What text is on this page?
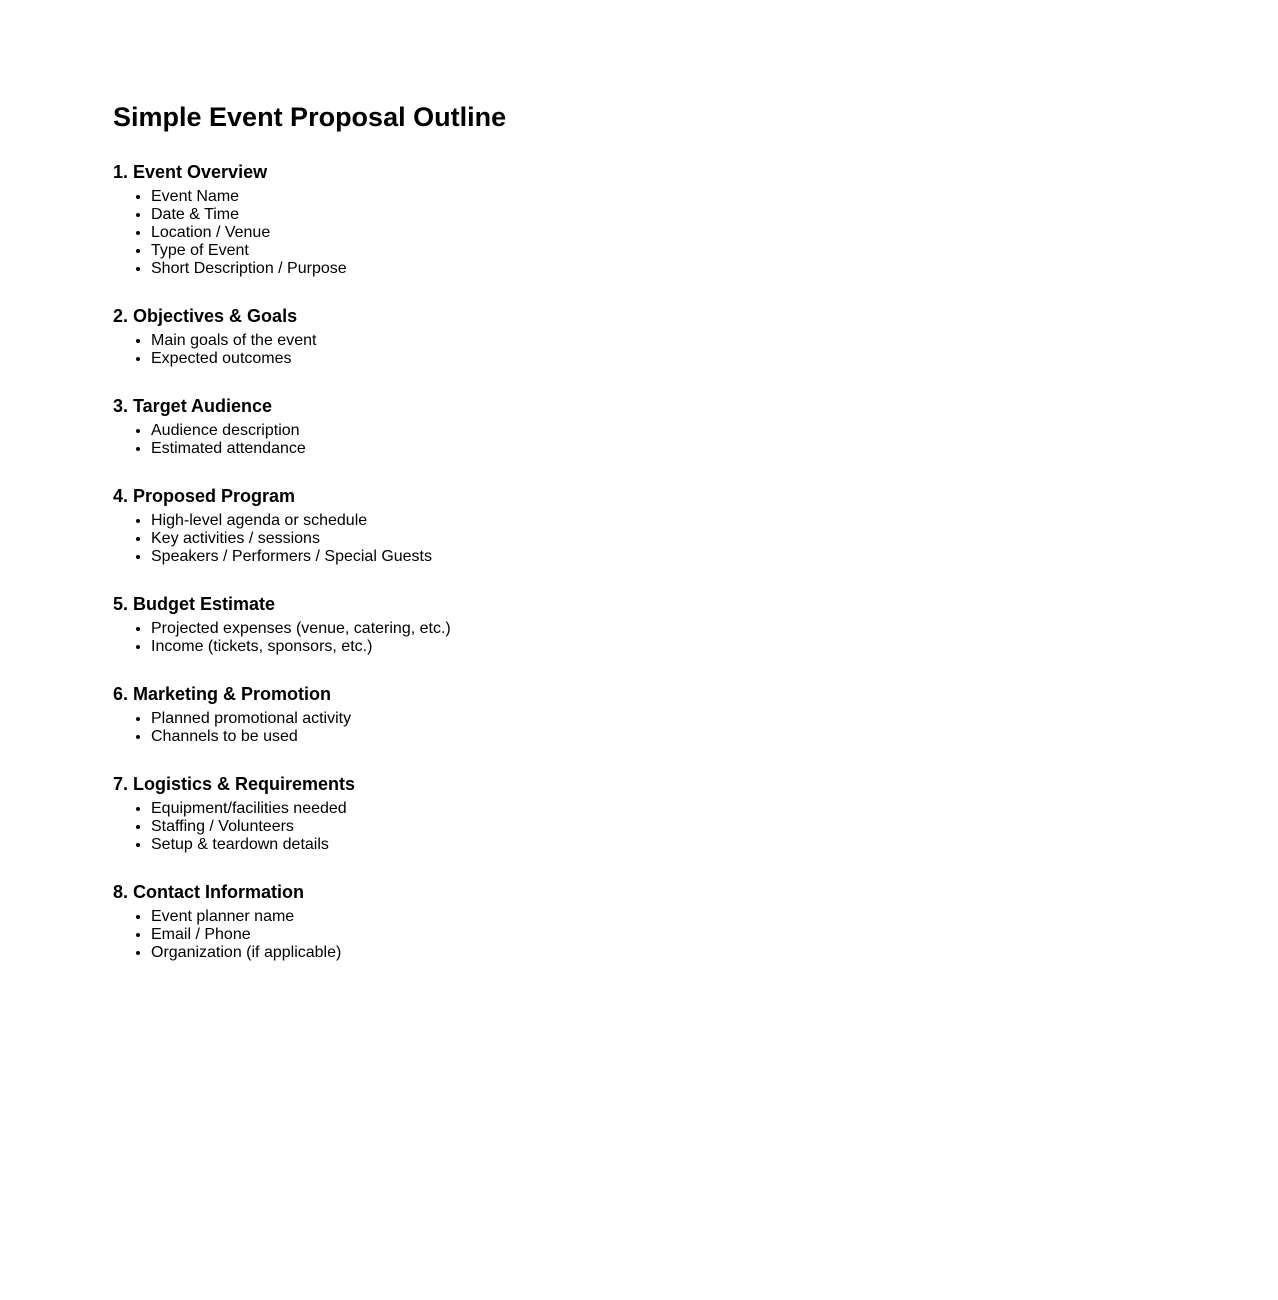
Simple Event Proposal Outline
1. Event Overview
• Event Name
• Date & Time
• Location / Venue
• Type of Event
• Short Description / Purpose
2. Objectives & Goals
• Main goals of the event
• Expected outcomes
3. Target Audience
• Audience description
• Estimated attendance
4. Proposed Program
• High-level agenda or schedule
• Key activities / sessions
• Speakers / Performers / Special Guests
5. Budget Estimate
• Projected expenses (venue, catering, etc.)
• Income (tickets, sponsors, etc.)
6. Marketing & Promotion
• Planned promotional activity
• Channels to be used
7. Logistics & Requirements
• Equipment/facilities needed
• Staffing / Volunteers
• Setup & teardown details
8. Contact Information
• Event planner name
• Email / Phone
• Organization (if applicable)
